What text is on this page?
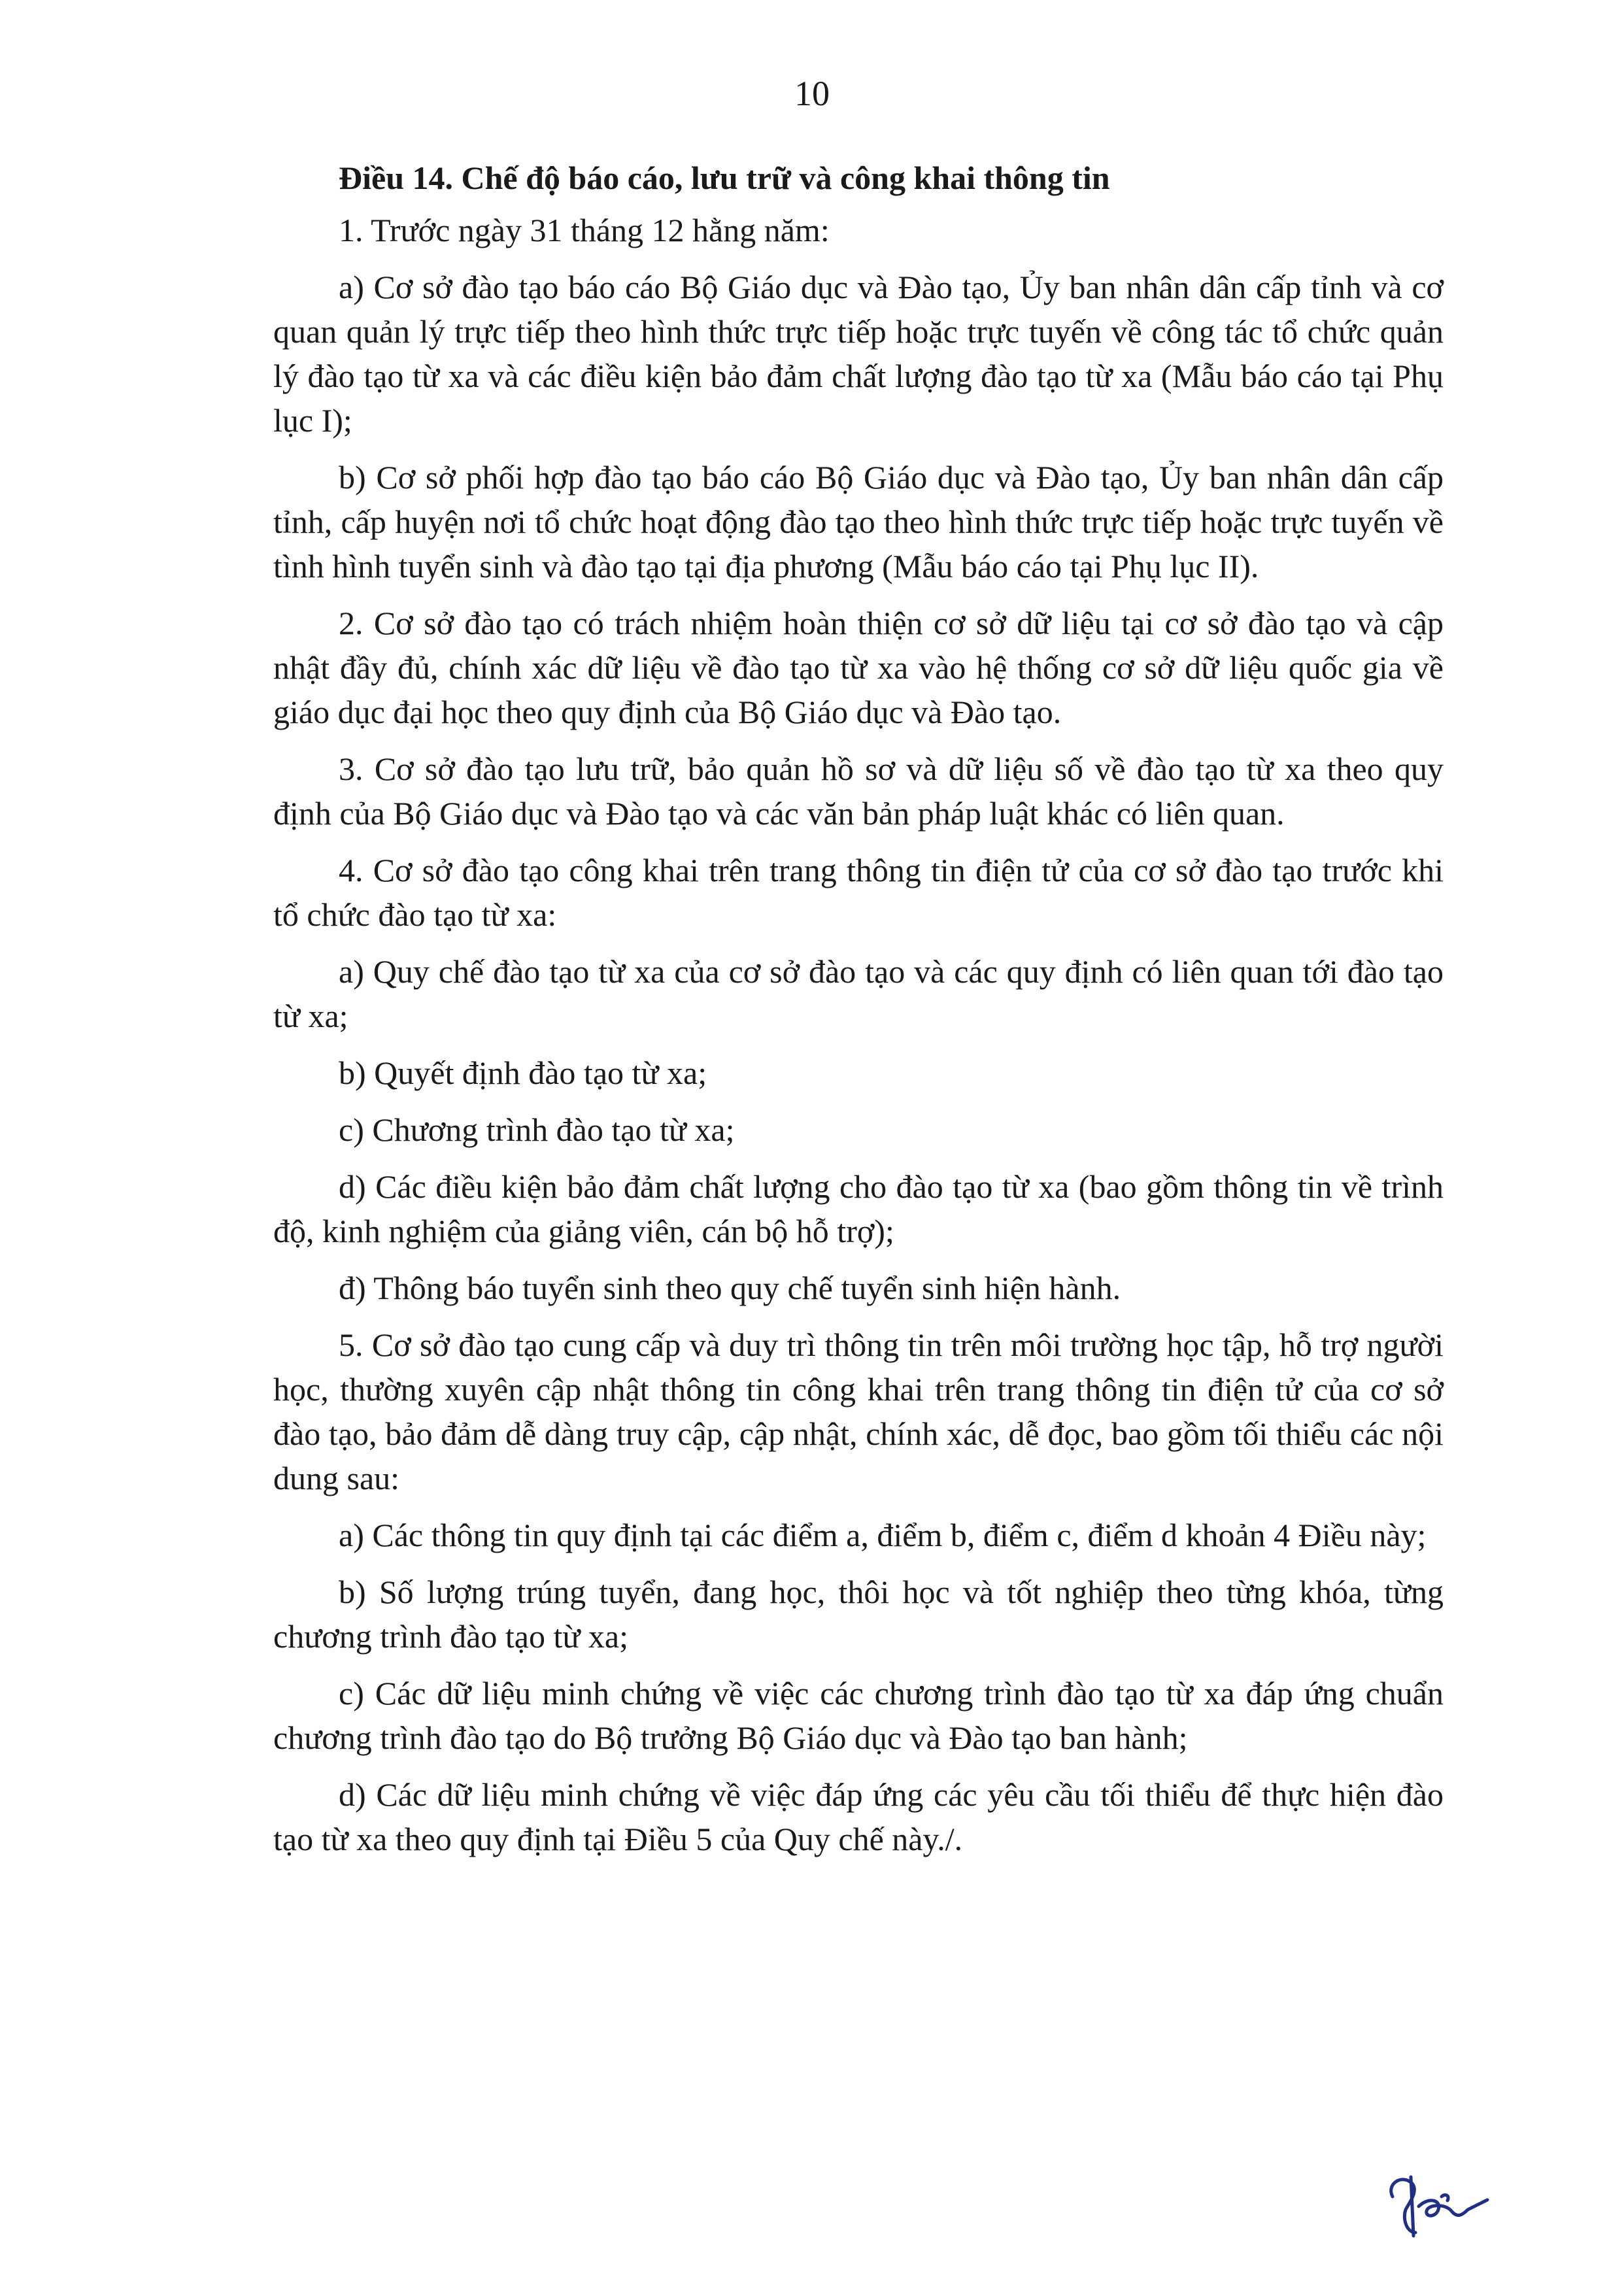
10

Điều 14. Chế độ báo cáo, lưu trữ và công khai thông tin

1. Trước ngày 31 tháng 12 hằng năm:

a) Cơ sở đào tạo báo cáo Bộ Giáo dục và Đào tạo, Ủy ban nhân dân cấp tỉnh và cơ quan quản lý trực tiếp theo hình thức trực tiếp hoặc trực tuyến về công tác tổ chức quản lý đào tạo từ xa và các điều kiện bảo đảm chất lượng đào tạo từ xa (Mẫu báo cáo tại Phụ lục I);

b) Cơ sở phối hợp đào tạo báo cáo Bộ Giáo dục và Đào tạo, Ủy ban nhân dân cấp tỉnh, cấp huyện nơi tổ chức hoạt động đào tạo theo hình thức trực tiếp hoặc trực tuyến về tình hình tuyển sinh và đào tạo tại địa phương (Mẫu báo cáo tại Phụ lục II).

2. Cơ sở đào tạo có trách nhiệm hoàn thiện cơ sở dữ liệu tại cơ sở đào tạo và cập nhật đầy đủ, chính xác dữ liệu về đào tạo từ xa vào hệ thống cơ sở dữ liệu quốc gia về giáo dục đại học theo quy định của Bộ Giáo dục và Đào tạo.

3. Cơ sở đào tạo lưu trữ, bảo quản hồ sơ và dữ liệu số về đào tạo từ xa theo quy định của Bộ Giáo dục và Đào tạo và các văn bản pháp luật khác có liên quan.

4. Cơ sở đào tạo công khai trên trang thông tin điện tử của cơ sở đào tạo trước khi tổ chức đào tạo từ xa:

a) Quy chế đào tạo từ xa của cơ sở đào tạo và các quy định có liên quan tới đào tạo từ xa;

b) Quyết định đào tạo từ xa;

c) Chương trình đào tạo từ xa;

d) Các điều kiện bảo đảm chất lượng cho đào tạo từ xa (bao gồm thông tin về trình độ, kinh nghiệm của giảng viên, cán bộ hỗ trợ);

đ) Thông báo tuyển sinh theo quy chế tuyển sinh hiện hành.

5. Cơ sở đào tạo cung cấp và duy trì thông tin trên môi trường học tập, hỗ trợ người học, thường xuyên cập nhật thông tin công khai trên trang thông tin điện tử của cơ sở đào tạo, bảo đảm dễ dàng truy cập, cập nhật, chính xác, dễ đọc, bao gồm tối thiểu các nội dung sau:

a) Các thông tin quy định tại các điểm a, điểm b, điểm c, điểm d khoản 4 Điều này;

b) Số lượng trúng tuyển, đang học, thôi học và tốt nghiệp theo từng khóa, từng chương trình đào tạo từ xa;

c) Các dữ liệu minh chứng về việc các chương trình đào tạo từ xa đáp ứng chuẩn chương trình đào tạo do Bộ trưởng Bộ Giáo dục và Đào tạo ban hành;

d) Các dữ liệu minh chứng về việc đáp ứng các yêu cầu tối thiểu để thực hiện đào tạo từ xa theo quy định tại Điều 5 của Quy chế này./.
